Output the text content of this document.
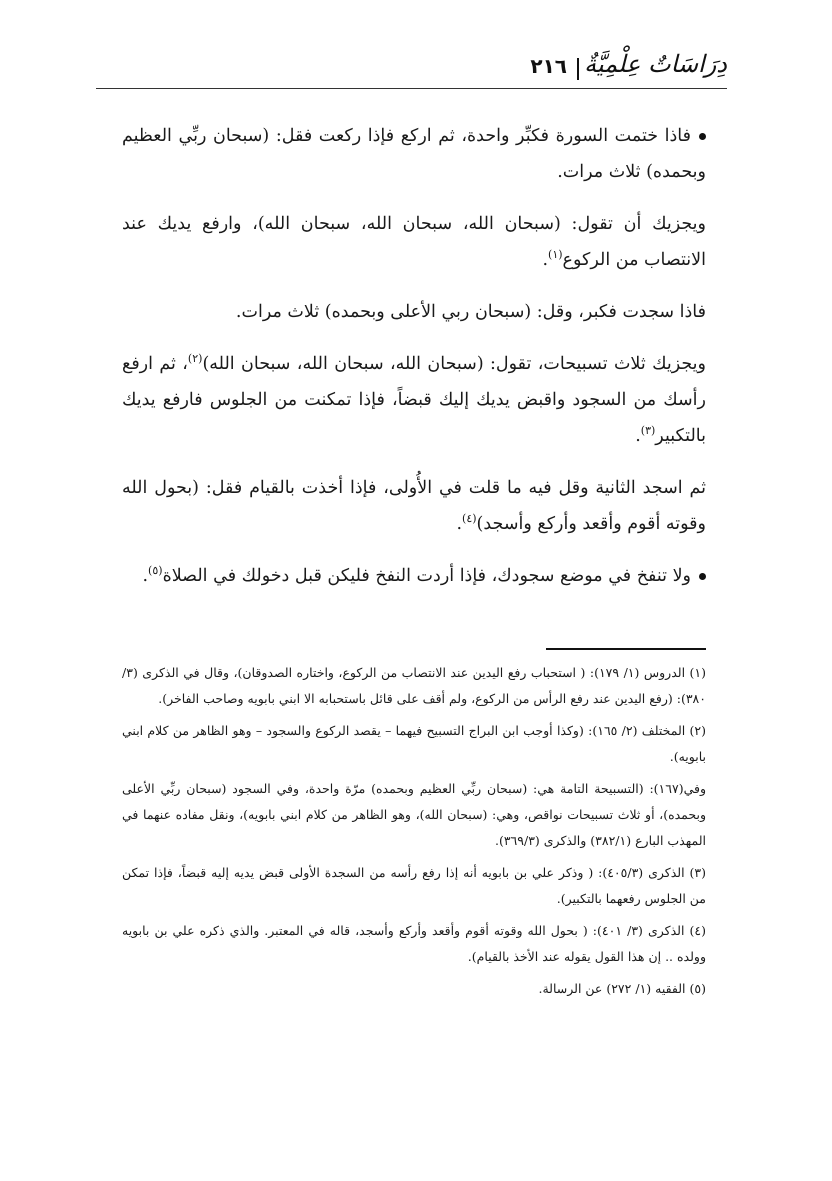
دِرَاسَاتٌ عِلْمِيَّةٌ
٢١٦

فاذا ختمت السورة فكبِّر واحدة، ثم اركع فإذا ركعت فقل: (سبحان ربِّي العظيم وبحمده) ثلاث مرات.

ويجزيك أن تقول: (سبحان الله، سبحان الله، سبحان الله)، وارفع يديك عند الانتصاب من الركوع$^{(١)}$.

فاذا سجدت فكبر، وقل: (سبحان ربي الأعلى وبحمده) ثلاث مرات.

ويجزيك ثلاث تسبيحات، تقول: (سبحان الله، سبحان الله، سبحان الله)$^{(٢)}$، ثم ارفع رأسك من السجود واقبض يديك إليك قبضاً، فإذا تمكنت من الجلوس فارفع يديك بالتكبير$^{(٣)}$.

ثم اسجد الثانية وقل فيه ما قلت في الأُولى، فإذا أخذت بالقيام فقل: (بحول الله وقوته أقوم وأقعد وأركع وأسجد)$^{(٤)}$.

ولا تنفخ في موضع سجودك، فإذا أردت النفخ فليكن قبل دخولك في الصلاة$^{(٥)}$.

(١) الدروس (١/ ١٧٩): ( استحباب رفع اليدين عند الانتصاب من الركوع، واختاره الصدوقان)، وقال في الذكرى (٣/ ٣٨٠): (رفع اليدين عند رفع الرأس من الركوع، ولم أقف على قائل باستحبابه الا ابني بابويه وصاحب الفاخر).

(٢) المختلف (٢/ ١٦٥): (وكذا أوجب ابن البراج التسبيح فيهما – يقصد الركوع والسجود – وهو الظاهر من كلام ابني بابويه).

وفي(١٦٧): (التسبيحة التامة هي: (سبحان ربِّي العظيم وبحمده) مرّة واحدة، وفي السجود (سبحان ربِّي الأعلى وبحمده)، أو ثلاث تسبيحات نواقص، وهي: (سبحان الله)، وهو الظاهر من كلام ابني بابويه)، ونقل مفاده عنهما في المهذب البارع (٣٨٢/١) والذكرى (٣٦٩/٣).

(٣) الذكرى (٤٠٥/٣): ( وذكر علي بن بابويه أنه إذا رفع رأسه من السجدة الأولى قبض يديه إليه قبضاً، فإذا تمكن من الجلوس رفعهما بالتكبير).

(٤) الذكرى (٣/ ٤٠١): ( بحول الله وقوته أقوم وأقعد وأركع وأسجد، قاله في المعتبر. والذي ذكره علي بن بابويه وولده .. إن هذا القول يقوله عند الأخذ بالقيام).

(٥) الفقيه (١/ ٢٧٢) عن الرسالة.
